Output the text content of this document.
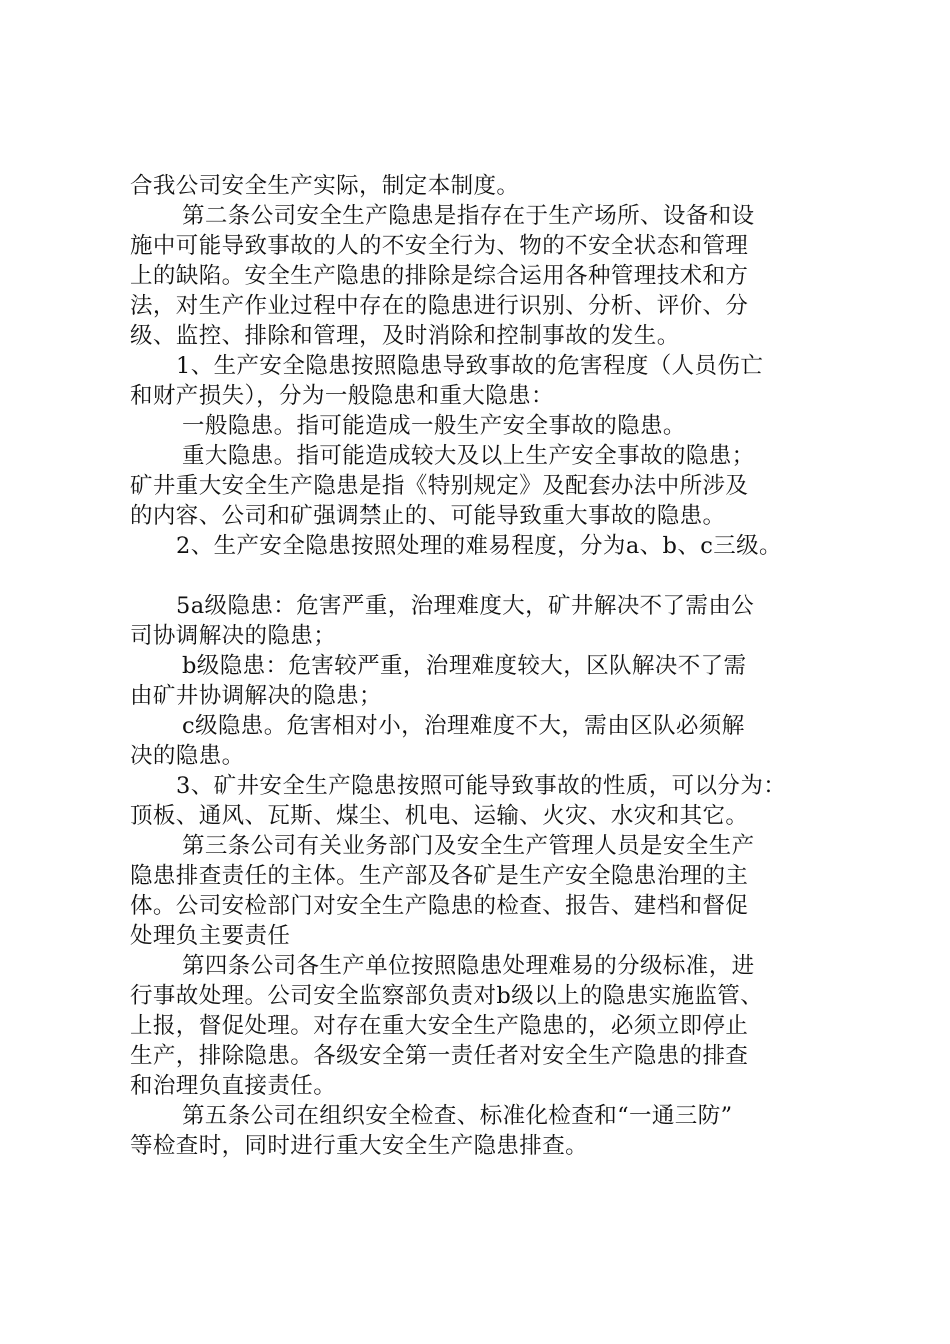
合我公司安全生产实际，制定本制度。
第二条公司安全生产隐患是指存在于生产场所、设备和设
施中可能导致事故的人的不安全行为、物的不安全状态和管理
上的缺陷。安全生产隐患的排除是综合运用各种管理技术和方
法，对生产作业过程中存在的隐患进行识别、分析、评价、分
级、监控、排除和管理，及时消除和控制事故的发生。
1、生产安全隐患按照隐患导致事故的危害程度（人员伤亡
和财产损失），分为一般隐患和重大隐患：
一般隐患。指可能造成一般生产安全事故的隐患。
重大隐患。指可能造成较大及以上生产安全事故的隐患；
矿井重大安全生产隐患是指《特别规定》及配套办法中所涉及
的内容、公司和矿强调禁止的、可能导致重大事故的隐患。
2、生产安全隐患按照处理的难易程度，分为a、b、c三级。
5a级隐患：危害严重，治理难度大，矿井解决不了需由公
司协调解决的隐患；
b级隐患：危害较严重，治理难度较大，区队解决不了需
由矿井协调解决的隐患；
c级隐患。危害相对小，治理难度不大，需由区队必须解
决的隐患。
3、矿井安全生产隐患按照可能导致事故的性质，可以分为：
顶板、通风、瓦斯、煤尘、机电、运输、火灾、水灾和其它。
第三条公司有关业务部门及安全生产管理人员是安全生产
隐患排查责任的主体。生产部及各矿是生产安全隐患治理的主
体。公司安检部门对安全生产隐患的检查、报告、建档和督促
处理负主要责任
第四条公司各生产单位按照隐患处理难易的分级标准，进
行事故处理。公司安全监察部负责对b级以上的隐患实施监管、
上报，督促处理。对存在重大安全生产隐患的，必须立即停止
生产，排除隐患。各级安全第一责任者对安全生产隐患的排查
和治理负直接责任。
第五条公司在组织安全检查、标准化检查和“一通三防”
等检查时，同时进行重大安全生产隐患排查。
